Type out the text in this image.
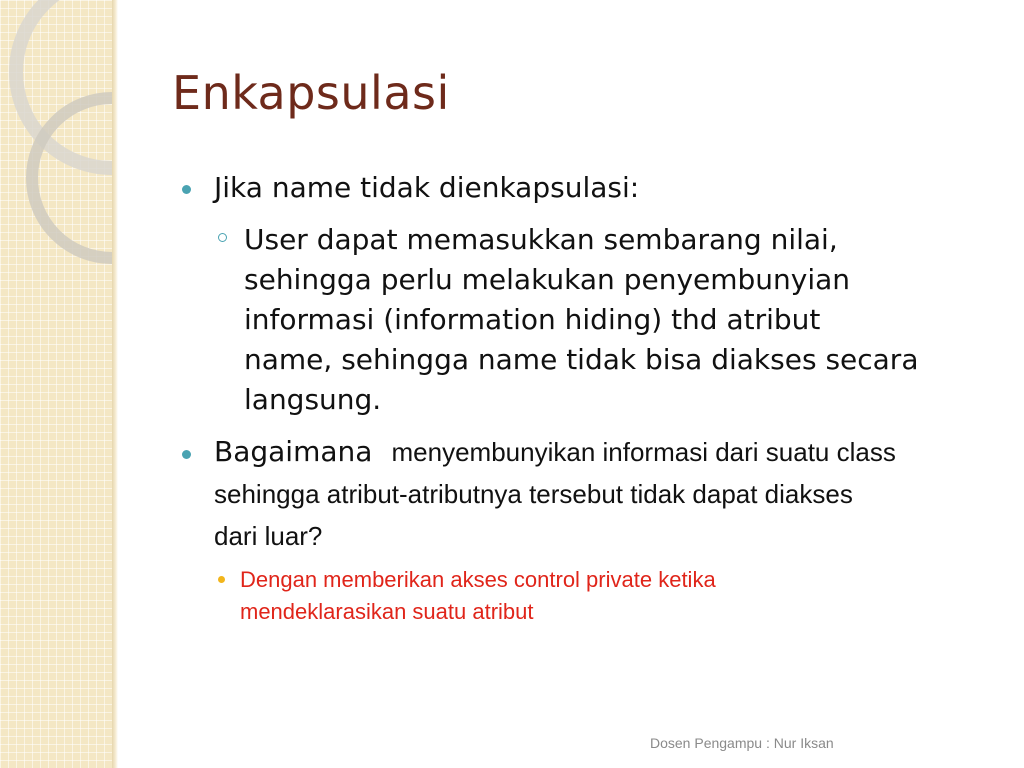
Enkapsulasi
Jika name tidak dienkapsulasi:
User dapat memasukkan sembarang nilai,
sehingga perlu melakukan penyembunyian
informasi (information hiding) thd atribut
name, sehingga name tidak bisa diakses secara
langsung.
Bagaimana menyembunyikan informasi dari suatu class
sehingga atribut-atributnya tersebut tidak dapat diakses
dari luar?
Dengan memberikan akses control private ketika
mendeklarasikan suatu atribut
Dosen Pengampu : Nur Iksan
